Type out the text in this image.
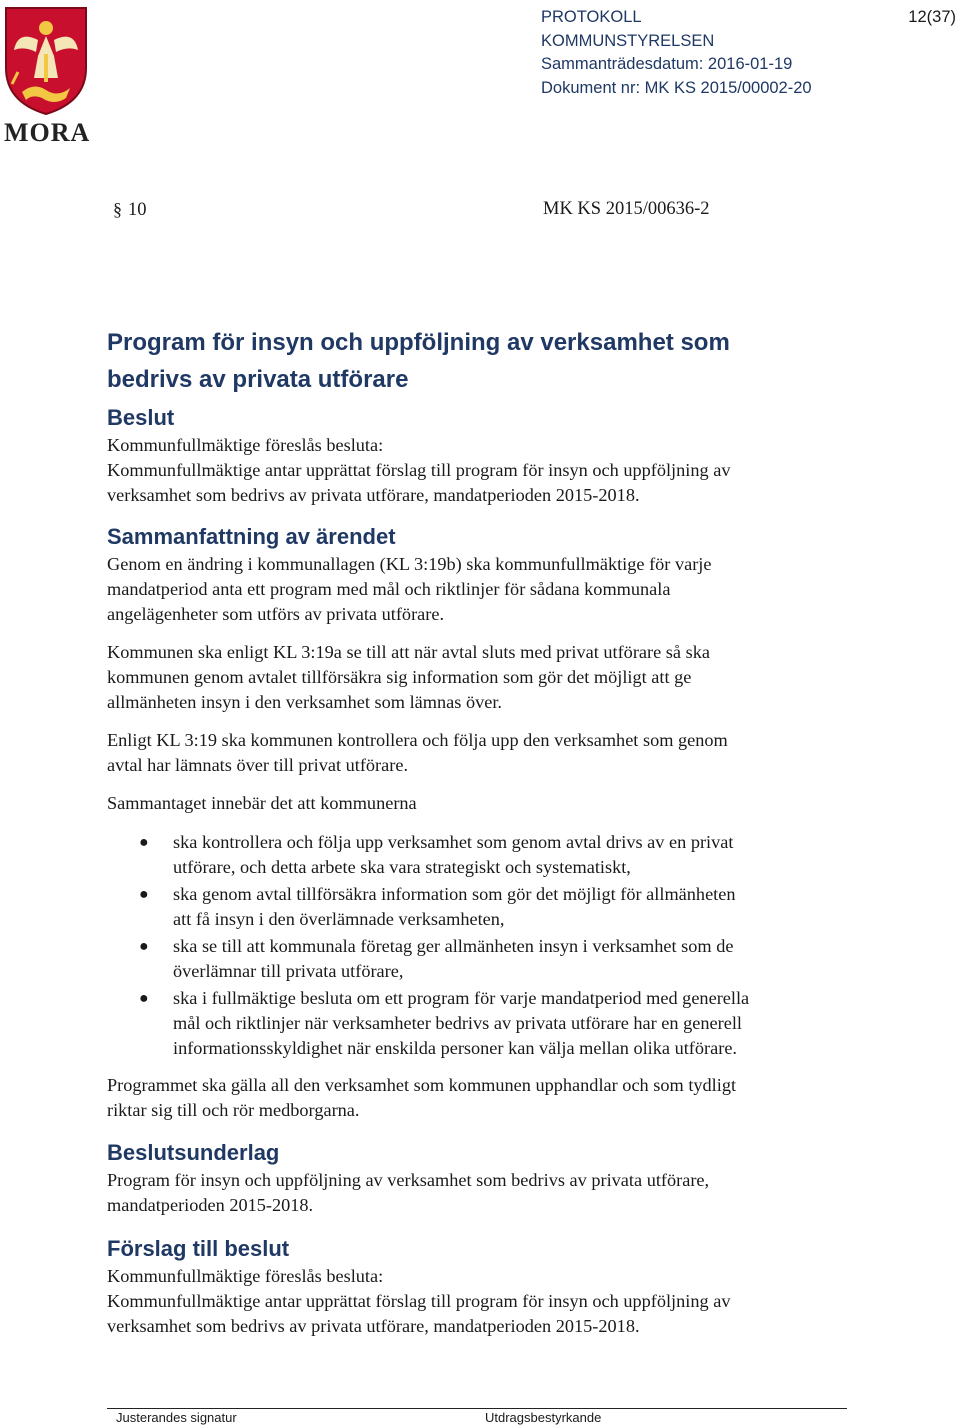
MORA
PROTOKOLL
KOMMUNSTYRELSEN
Sammanträdesdatum: 2016-01-19
Dokument nr: MK KS 2015/00002-20
12(37)
§ 10	MK KS 2015/00636-2
Program för insyn och uppföljning av verksamhet som
bedrivs av privata utförare
Beslut

Kommunfullmäktige föreslås besluta:
Kommunfullmäktige antar upprättat förslag till program för insyn och uppföljning av
verksamhet som bedrivs av privata utförare, mandatperioden 2015-2018.

Sammanfattning av ärendet

Genom en ändring i kommunallagen (KL 3:19b) ska kommunfullmäktige för varje
mandatperiod anta ett program med mål och riktlinjer för sådana kommunala
angelägenheter som utförs av privata utförare.

Kommunen ska enligt KL 3:19a se till att när avtal sluts med privat utförare så ska
kommunen genom avtalet tillförsäkra sig information som gör det möjligt att ge
allmänheten insyn i den verksamhet som lämnas över.

Enligt KL 3:19 ska kommunen kontrollera och följa upp den verksamhet som genom
avtal har lämnats över till privat utförare.

Sammantaget innebär det att kommunerna

● ska kontrollera och följa upp verksamhet som genom avtal drivs av en privat
utförare, och detta arbete ska vara strategiskt och systematiskt,
● ska genom avtal tillförsäkra information som gör det möjligt för allmänheten
att få insyn i den överlämnade verksamheten,
● ska se till att kommunala företag ger allmänheten insyn i verksamhet som de
överlämnar till privata utförare,
● ska i fullmäktige besluta om ett program för varje mandatperiod med generella
mål och riktlinjer när verksamheter bedrivs av privata utförare har en generell
informationsskyldighet när enskilda personer kan välja mellan olika utförare.

Programmet ska gälla all den verksamhet som kommunen upphandlar och som tydligt
riktar sig till och rör medborgarna.

Beslutsunderlag

Program för insyn och uppföljning av verksamhet som bedrivs av privata utförare,
mandatperioden 2015-2018.

Förslag till beslut

Kommunfullmäktige föreslås besluta:
Kommunfullmäktige antar upprättat förslag till program för insyn och uppföljning av
verksamhet som bedrivs av privata utförare, mandatperioden 2015-2018.

Justerandes signatur	Utdragsbestyrkande
